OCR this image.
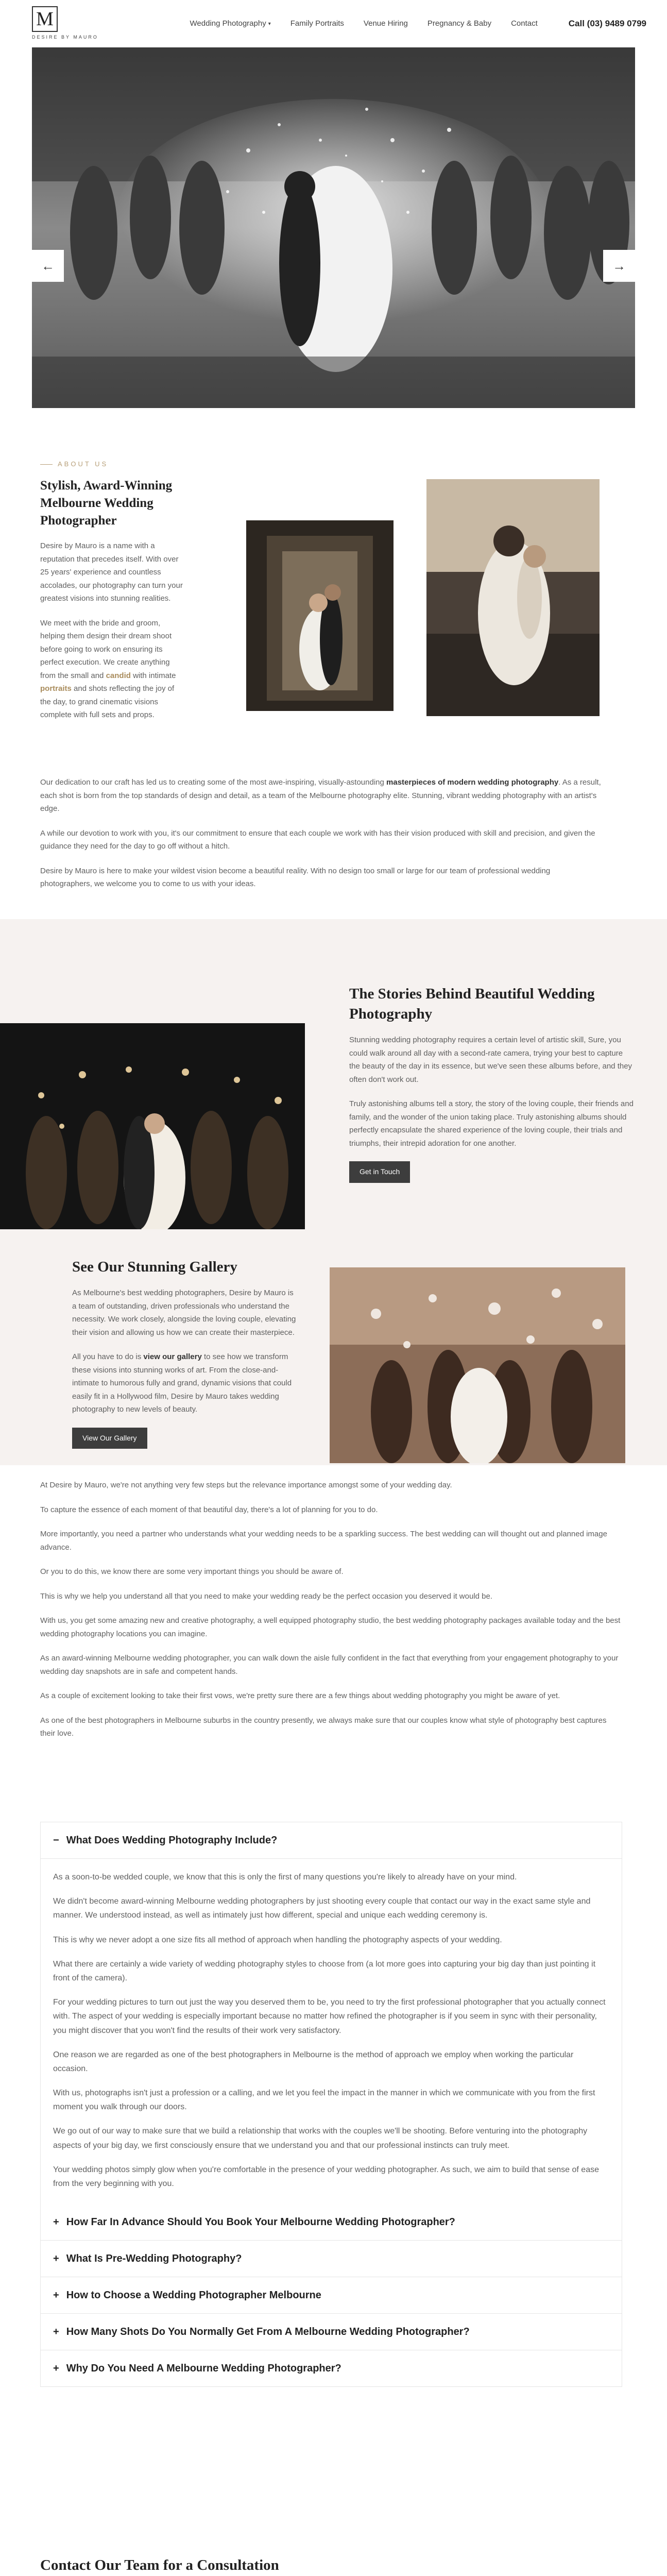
M
DESIRE BY MAURO
Wedding Photography ▾	Family Portraits	Venue Hiring	Pregnancy & Baby	Contact	Call (03) 9489 0799
←	→
ABOUT US
Stylish, Award-Winning Melbourne Wedding Photographer

Desire by Mauro is a name with a reputation that precedes itself. With over 25 years' experience and countless accolades, our photography can turn your greatest visions into stunning realities.

We meet with the bride and groom, helping them design their dream shoot before going to work on ensuring its perfect execution. We create anything from the small and candid with intimate portraits and shots reflecting the joy of the day, to grand cinematic visions complete with full sets and props.

Our dedication to our craft has led us to creating some of the most awe-inspiring, visually-astounding masterpieces of modern wedding photography. As a result, each shot is born from the top standards of design and detail, as a team of the Melbourne photography elite. Stunning, vibrant wedding photography with an artist's edge.

A while our devotion to work with you, it's our commitment to ensure that each couple we work with has their vision produced with skill and precision, and given the guidance they need for the day to go off without a hitch.

Desire by Mauro is here to make your wildest vision become a beautiful reality. With no design too small or large for our team of professional wedding photographers, we welcome you to come to us with your ideas.

The Stories Behind Beautiful Wedding Photography

Stunning wedding photography requires a certain level of artistic skill, Sure, you could walk around all day with a second-rate camera, trying your best to capture the beauty of the day in its essence, but we've seen these albums before, and they often don't work out.

Truly astonishing albums tell a story, the story of the loving couple, their friends and family, and the wonder of the union taking place. Truly astonishing albums should perfectly encapsulate the shared experience of the loving couple, their trials and triumphs, their intrepid adoration for one another.

Get in Touch
See Our Stunning Gallery

As Melbourne's best wedding photographers, Desire by Mauro is a team of outstanding, driven professionals who understand the necessity. We work closely, alongside the loving couple, elevating their vision and allowing us how we can create their masterpiece.

All you have to do is view our gallery to see how we transform these visions into stunning works of art. From the close-and-intimate to humorous fully and grand, dynamic visions that could easily fit in a Hollywood film, Desire by Mauro takes wedding photography to new levels of beauty.

View Our Gallery

At Desire by Mauro, we're not anything very few steps but the relevance importance amongst some of your wedding day.

To capture the essence of each moment of that beautiful day, there's a lot of planning for you to do.

More importantly, you need a partner who understands what your wedding needs to be a sparkling success. The best wedding can will thought out and planned image advance.

Or you to do this, we know there are some very important things you should be aware of.

This is why we help you understand all that you need to make your wedding ready be the perfect occasion you deserved it would be.

With us, you get some amazing new and creative photography, a well equipped photography studio, the best wedding photography packages available today and the best wedding photography locations you can imagine.

As an award-winning Melbourne wedding photographer, you can walk down the aisle fully confident in the fact that everything from your engagement photography to your wedding day snapshots are in safe and competent hands.

As a couple of excitement looking to take their first vows, we're pretty sure there are a few things about wedding photography you might be aware of yet.

As one of the best photographers in Melbourne suburbs in the country presently, we always make sure that our couples know what style of photography best captures their love.

− What Does Wedding Photography Include?

As a soon-to-be wedded couple, we know that this is only the first of many questions you're likely to already have on your mind.

We didn't become award-winning Melbourne wedding photographers by just shooting every couple that contact our way in the exact same style and manner. We understood instead, as well as intimately just how different, special and unique each wedding ceremony is.

This is why we never adopt a one size fits all method of approach when handling the photography aspects of your wedding.

What there are certainly a wide variety of wedding photography styles to choose from (a lot more goes into capturing your big day than just pointing it front of the camera).

For your wedding pictures to turn out just the way you deserved them to be, you need to try the first professional photographer that you actually connect with. The aspect of your wedding is especially important because no matter how refined the photographer is if you seem in sync with their personality, you might discover that you won't find the results of their work very satisfactory.

One reason we are regarded as one of the best photographers in Melbourne is the method of approach we employ when working the particular occasion.

With us, photographs isn't just a profession or a calling, and we let you feel the impact in the manner in which we communicate with you from the first moment you walk through our doors.

We go out of our way to make sure that we build a relationship that works with the couples we'll be shooting. Before venturing into the photography aspects of your big day, we first consciously ensure that we understand you and that our professional instincts can truly meet.

Your wedding photos simply glow when you're comfortable in the presence of your wedding photographer. As such, we aim to build that sense of ease from the very beginning with you.

+ How Far In Advance Should You Book Your Melbourne Wedding Photographer?
+ What Is Pre-Wedding Photography?
+ How to Choose a Wedding Photographer Melbourne
+ How Many Shots Do You Normally Get From A Melbourne Wedding Photographer?
+ Why Do You Need A Melbourne Wedding Photographer?
Contact Our Team for a Consultation
